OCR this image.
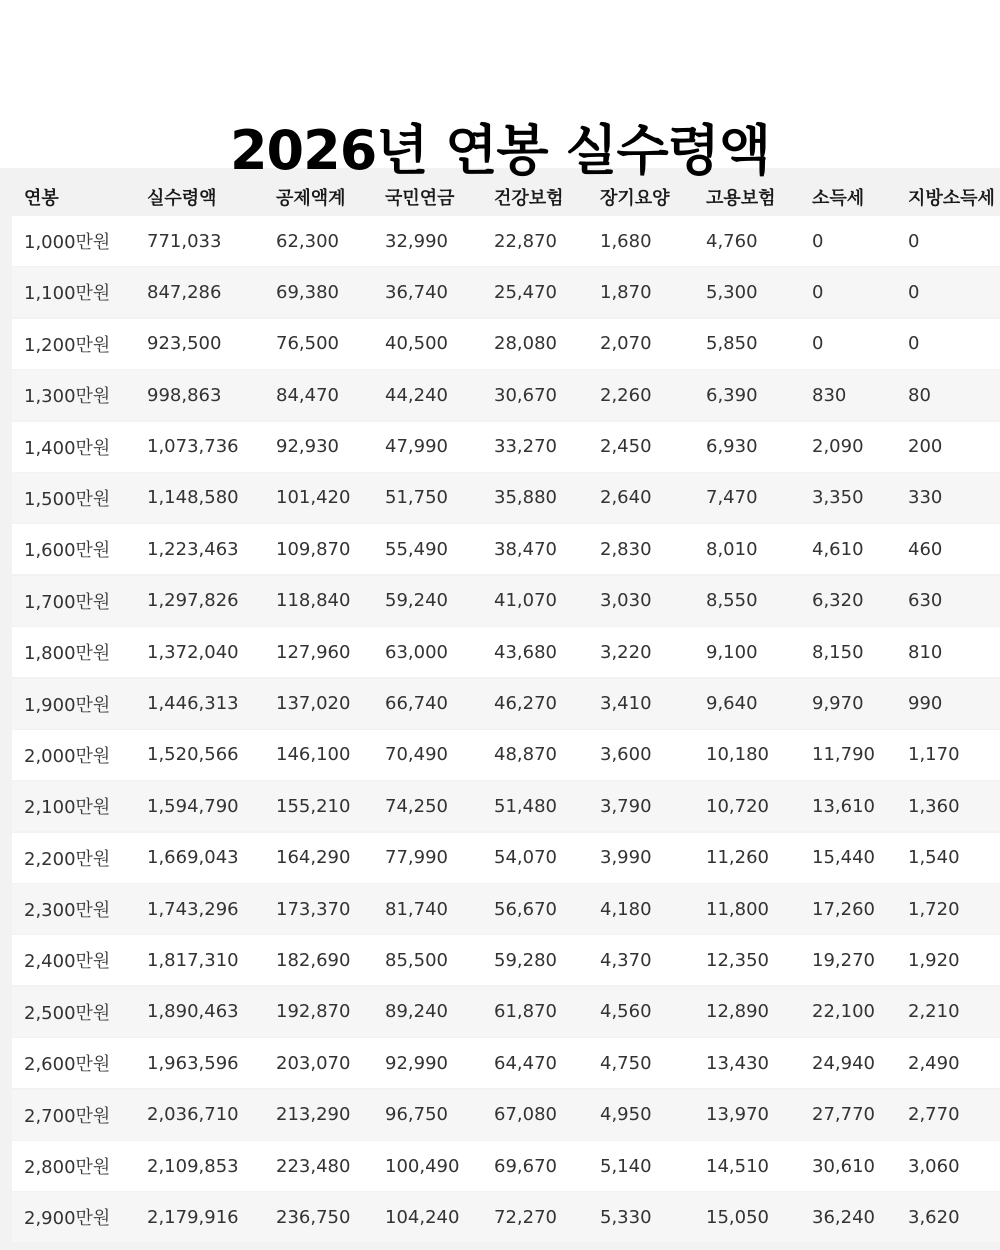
2026년 연봉 실수령액
연봉	실수령액	공제액계	국민연금	건강보험	장기요양	고용보험	소득세	지방소득세
1,000만원	771,033	62,300	32,990	22,870	1,680	4,760	0	0
1,100만원	847,286	69,380	36,740	25,470	1,870	5,300	0	0
1,200만원	923,500	76,500	40,500	28,080	2,070	5,850	0	0
1,300만원	998,863	84,470	44,240	30,670	2,260	6,390	830	80
1,400만원	1,073,736	92,930	47,990	33,270	2,450	6,930	2,090	200
1,500만원	1,148,580	101,420	51,750	35,880	2,640	7,470	3,350	330
1,600만원	1,223,463	109,870	55,490	38,470	2,830	8,010	4,610	460
1,700만원	1,297,826	118,840	59,240	41,070	3,030	8,550	6,320	630
1,800만원	1,372,040	127,960	63,000	43,680	3,220	9,100	8,150	810
1,900만원	1,446,313	137,020	66,740	46,270	3,410	9,640	9,970	990
2,000만원	1,520,566	146,100	70,490	48,870	3,600	10,180	11,790	1,170
2,100만원	1,594,790	155,210	74,250	51,480	3,790	10,720	13,610	1,360
2,200만원	1,669,043	164,290	77,990	54,070	3,990	11,260	15,440	1,540
2,300만원	1,743,296	173,370	81,740	56,670	4,180	11,800	17,260	1,720
2,400만원	1,817,310	182,690	85,500	59,280	4,370	12,350	19,270	1,920
2,500만원	1,890,463	192,870	89,240	61,870	4,560	12,890	22,100	2,210
2,600만원	1,963,596	203,070	92,990	64,470	4,750	13,430	24,940	2,490
2,700만원	2,036,710	213,290	96,750	67,080	4,950	13,970	27,770	2,770
2,800만원	2,109,853	223,480	100,490	69,670	5,140	14,510	30,610	3,060
2,900만원	2,179,916	236,750	104,240	72,270	5,330	15,050	36,240	3,620
